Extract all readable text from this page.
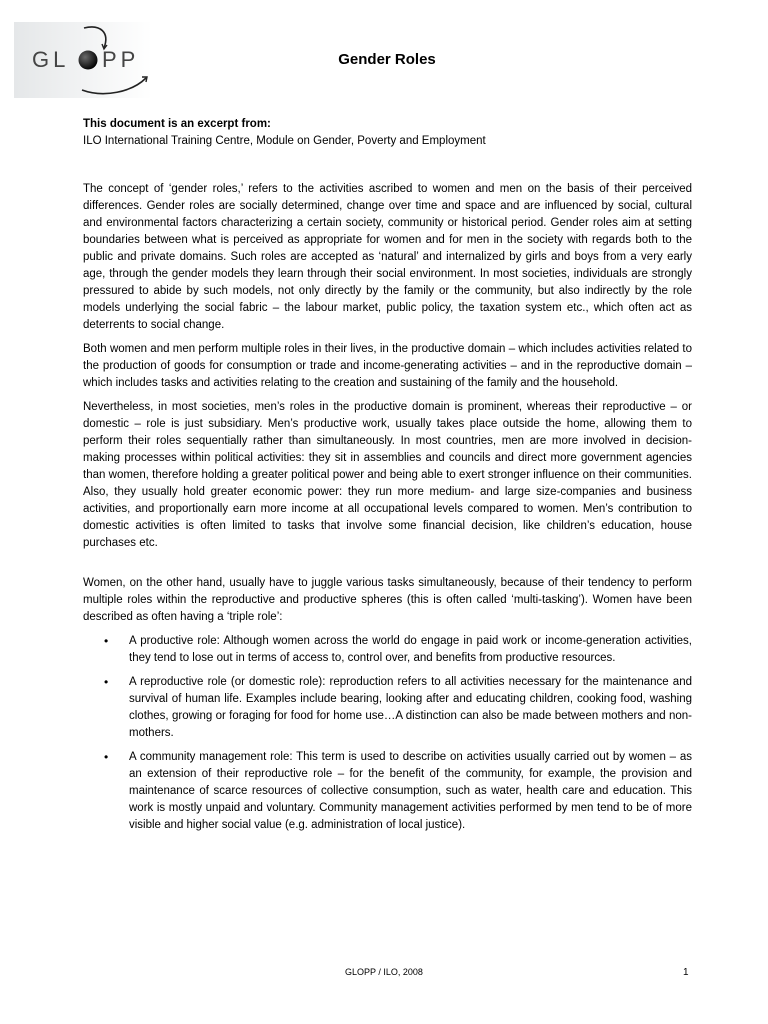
GL PP	Gender Roles
This document is an excerpt from:
ILO International Training Centre, Module on Gender, Poverty and Employment

The concept of ‘gender roles,’ refers to the activities ascribed to women and men on the basis of their perceived differences. Gender roles are socially determined, change over time and space and are influenced by social, cultural and environmental factors characterizing a certain society, community or historical period. Gender roles aim at setting boundaries between what is perceived as appropriate for women and for men in the society with regards both to the public and private domains. Such roles are accepted as ‘natural’ and internalized by girls and boys from a very early age, through the gender models they learn through their social environment. In most societies, individuals are strongly pressured to abide by such models, not only directly by the family or the community, but also indirectly by the role models underlying the social fabric – the labour market, public policy, the taxation system etc., which often act as deterrents to social change.

Both women and men perform multiple roles in their lives, in the productive domain – which includes activities related to the production of goods for consumption or trade and income-generating activities – and in the reproductive domain – which includes tasks and activities relating to the creation and sustaining of the family and the household.

Nevertheless, in most societies, men’s roles in the productive domain is prominent, whereas their reproductive – or domestic – role is just subsidiary. Men’s productive work, usually takes place outside the home, allowing them to perform their roles sequentially rather than simultaneously. In most countries, men are more involved in decision-making processes within political activities: they sit in assemblies and councils and direct more government agencies than women, therefore holding a greater political power and being able to exert stronger influence on their communities. Also, they usually hold greater economic power: they run more medium- and large size-companies and business activities, and proportionally earn more income at all occupational levels compared to women. Men’s contribution to domestic activities is often limited to tasks that involve some financial decision, like children’s education, house purchases etc.

Women, on the other hand, usually have to juggle various tasks simultaneously, because of their tendency to perform multiple roles within the reproductive and productive spheres (this is often called ‘multi-tasking’). Women have been described as often having a ‘triple role’:

• A productive role: Although women across the world do engage in paid work or income-generation activities, they tend to lose out in terms of access to, control over, and benefits from productive resources.
• A reproductive role (or domestic role): reproduction refers to all activities necessary for the maintenance and survival of human life. Examples include bearing, looking after and educating children, cooking food, washing clothes, growing or foraging for food for home use…A distinction can also be made between mothers and non-mothers.
• A community management role: This term is used to describe on activities usually carried out by women – as an extension of their reproductive role – for the benefit of the community, for example, the provision and maintenance of scarce resources of collective consumption, such as water, health care and education. This work is mostly unpaid and voluntary. Community management activities performed by men tend to be of more visible and higher social value (e.g. administration of local justice).
GLOPP / ILO, 2008	1
